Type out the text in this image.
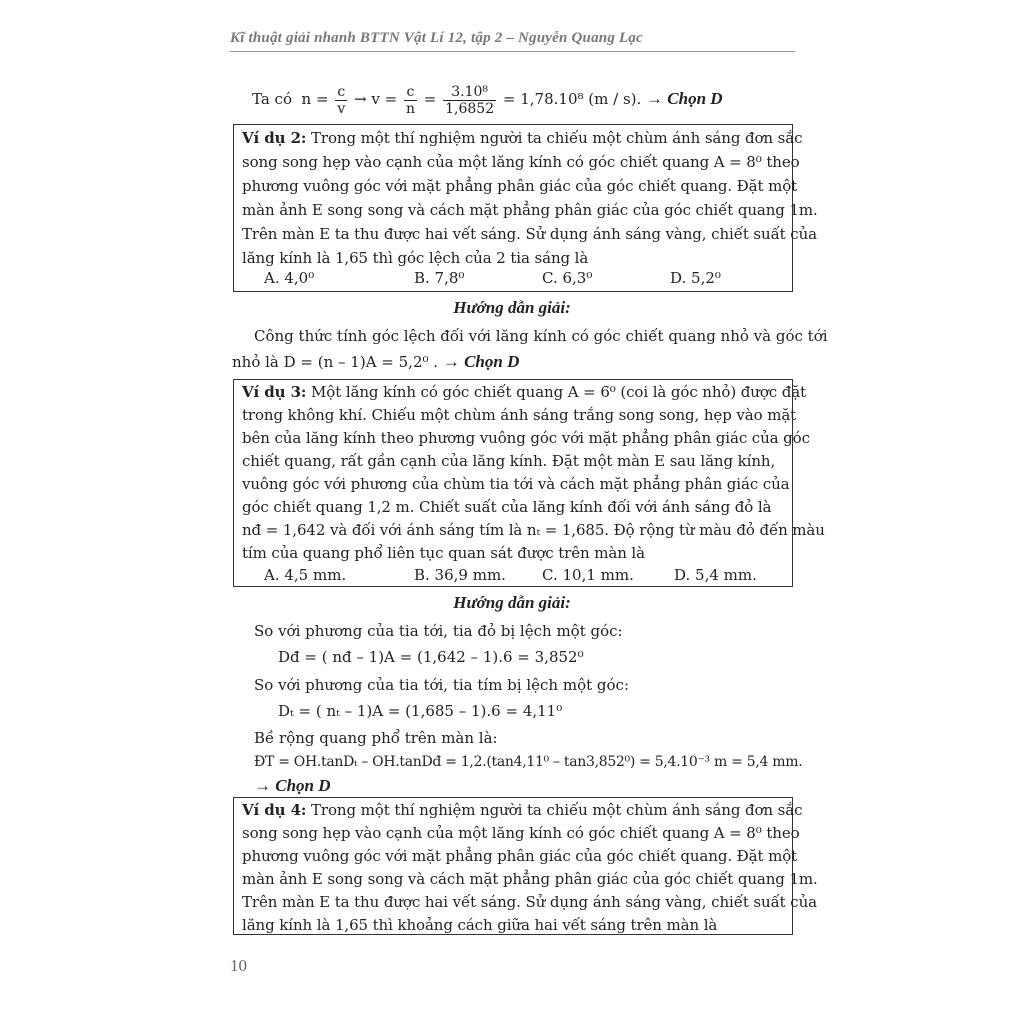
Kĩ thuật giải nhanh BTTN Vật Lí 12, tập 2 – Nguyễn Quang Lạc
Ta có $n = \frac{c}{v} \to v = \frac{c}{n} = \frac{\text{3.10⁸}}{1,6852} = 1,78.10^8$ (m / s). → Chọn D
Ví dụ 2: Trong một thí nghiệm người ta chiếu một chùm ánh sáng đơn sắc
song song hẹp vào cạnh của một lăng kính có góc chiết quang A = 8⁰ theo
phương vuông góc với mặt phẳng phân giác của góc chiết quang. Đặt một
màn ảnh E song song và cách mặt phẳng phân giác của góc chiết quang 1m.
Trên màn E ta thu được hai vết sáng. Sử dụng ánh sáng vàng, chiết suất của
lăng kính là 1,65 thì góc lệch của 2 tia sáng là
A. 4,0⁰	B. 7,8⁰	C. 6,3⁰	D. 5,2⁰
Hướng dẫn giải:
Công thức tính góc lệch đối với lăng kính có góc chiết quang nhỏ và góc tới
nhỏ là D = (n – 1)A = 5,2⁰ . → Chọn D
Ví dụ 3: Một lăng kính có góc chiết quang A = 6⁰ (coi là góc nhỏ) được đặt
trong không khí. Chiếu một chùm ánh sáng trắng song song, hẹp vào mặt
bên của lăng kính theo phương vuông góc với mặt phẳng phân giác của góc
chiết quang, rất gần cạnh của lăng kính. Đặt một màn E sau lăng kính,
vuông góc với phương của chùm tia tới và cách mặt phẳng phân giác của
góc chiết quang 1,2 m. Chiết suất của lăng kính đối với ánh sáng đỏ là
nđ = 1,642 và đối với ánh sáng tím là nₜ = 1,685. Độ rộng từ màu đỏ đến màu
tím của quang phổ liên tục quan sát được trên màn là
A. 4,5 mm.	B. 36,9 mm. C. 10,1 mm.	D. 5,4 mm.
Hướng dẫn giải:
So với phương của tia tới, tia đỏ bị lệch một góc:
Dđ = ( nđ – 1)A = (1,642 – 1).6 = 3,852⁰
So với phương của tia tới, tia tím bị lệch một góc:
Dₜ = ( nₜ – 1)A = (1,685 – 1).6 = 4,11⁰
Bề rộng quang phổ trên màn là:
ĐT = OH.tanDₜ – OH.tanDđ = 1,2.(tan4,11⁰ – tan3,852⁰) = 5,4.10⁻³ m = 5,4 mm.
→ Chọn D
Ví dụ 4: Trong một thí nghiệm người ta chiếu một chùm ánh sáng đơn sắc
song song hẹp vào cạnh của một lăng kính có góc chiết quang A = 8⁰ theo
phương vuông góc với mặt phẳng phân giác của góc chiết quang. Đặt một
màn ảnh E song song và cách mặt phẳng phân giác của góc chiết quang 1m.
Trên màn E ta thu được hai vết sáng. Sử dụng ánh sáng vàng, chiết suất của
lăng kính là 1,65 thì khoảng cách giữa hai vết sáng trên màn là
10
